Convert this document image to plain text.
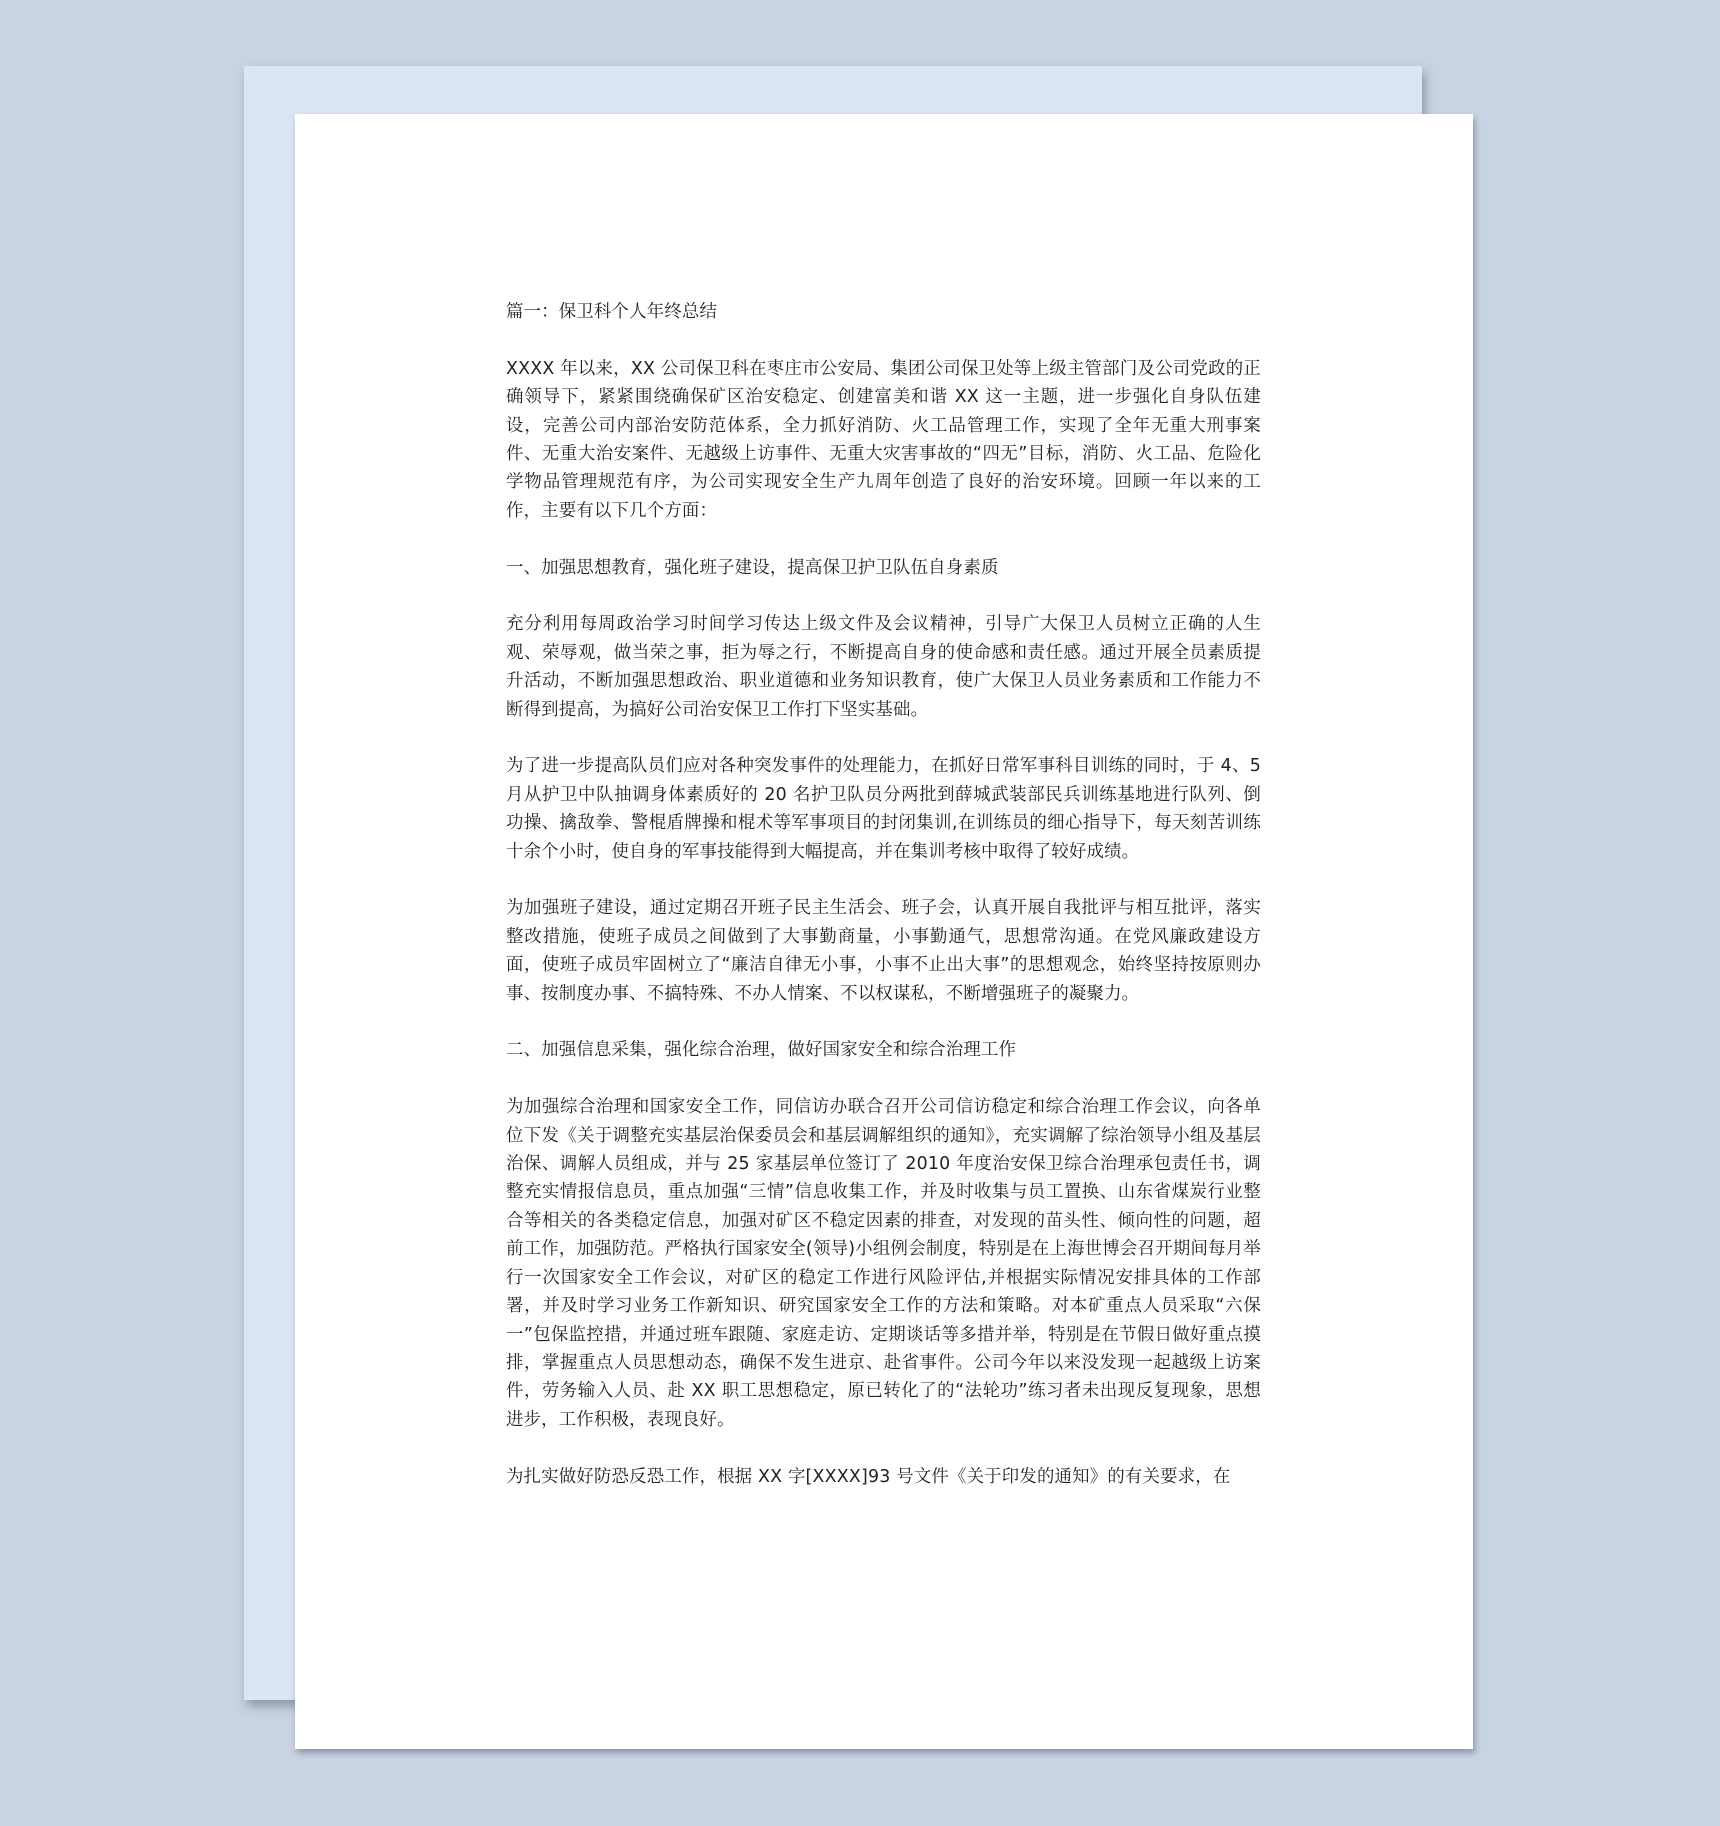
篇一：保卫科个人年终总结

XXXX 年以来，XX 公司保卫科在枣庄市公安局、集团公司保卫处等上级主管部门及公司党政的正确领导下，紧紧围绕确保矿区治安稳定、创建富美和谐 XX 这一主题，进一步强化自身队伍建设，完善公司内部治安防范体系，全力抓好消防、火工品管理工作，实现了全年无重大刑事案件、无重大治安案件、无越级上访事件、无重大灾害事故的“四无”目标，消防、火工品、危险化学物品管理规范有序，为公司实现安全生产九周年创造了良好的治安环境。回顾一年以来的工作，主要有以下几个方面：

一、加强思想教育，强化班子建设，提高保卫护卫队伍自身素质

充分利用每周政治学习时间学习传达上级文件及会议精神，引导广大保卫人员树立正确的人生观、荣辱观，做当荣之事，拒为辱之行，不断提高自身的使命感和责任感。通过开展全员素质提升活动，不断加强思想政治、职业道德和业务知识教育，使广大保卫人员业务素质和工作能力不断得到提高，为搞好公司治安保卫工作打下坚实基础。

为了进一步提高队员们应对各种突发事件的处理能力，在抓好日常军事科目训练的同时，于 4、5 月从护卫中队抽调身体素质好的 20 名护卫队员分两批到薛城武装部民兵训练基地进行队列、倒功操、擒敌拳、警棍盾牌操和棍术等军事项目的封闭集训,在训练员的细心指导下，每天刻苦训练十余个小时，使自身的军事技能得到大幅提高，并在集训考核中取得了较好成绩。

为加强班子建设，通过定期召开班子民主生活会、班子会，认真开展自我批评与相互批评，落实整改措施，使班子成员之间做到了大事勤商量，小事勤通气，思想常沟通。在党风廉政建设方面，使班子成员牢固树立了“廉洁自律无小事，小事不止出大事”的思想观念，始终坚持按原则办事、按制度办事、不搞特殊、不办人情案、不以权谋私，不断增强班子的凝聚力。

二、加强信息采集，强化综合治理，做好国家安全和综合治理工作

为加强综合治理和国家安全工作，同信访办联合召开公司信访稳定和综合治理工作会议，向各单位下发《关于调整充实基层治保委员会和基层调解组织的通知》，充实调解了综治领导小组及基层治保、调解人员组成，并与 25 家基层单位签订了 2010 年度治安保卫综合治理承包责任书，调整充实情报信息员，重点加强“三情”信息收集工作，并及时收集与员工置换、山东省煤炭行业整合等相关的各类稳定信息，加强对矿区不稳定因素的排查，对发现的苗头性、倾向性的问题，超前工作，加强防范。严格执行国家安全(领导)小组例会制度，特别是在上海世博会召开期间每月举行一次国家安全工作会议，对矿区的稳定工作进行风险评估,并根据实际情况安排具体的工作部署，并及时学习业务工作新知识、研究国家安全工作的方法和策略。对本矿重点人员采取“六保一”包保监控措，并通过班车跟随、家庭走访、定期谈话等多措并举，特别是在节假日做好重点摸排，掌握重点人员思想动态，确保不发生进京、赴省事件。公司今年以来没发现一起越级上访案件，劳务输入人员、赴 XX 职工思想稳定，原已转化了的“法轮功”练习者未出现反复现象，思想进步，工作积极，表现良好。

为扎实做好防恐反恐工作，根据 XX 字[XXXX]93 号文件《关于印发的通知》的有关要求，在
